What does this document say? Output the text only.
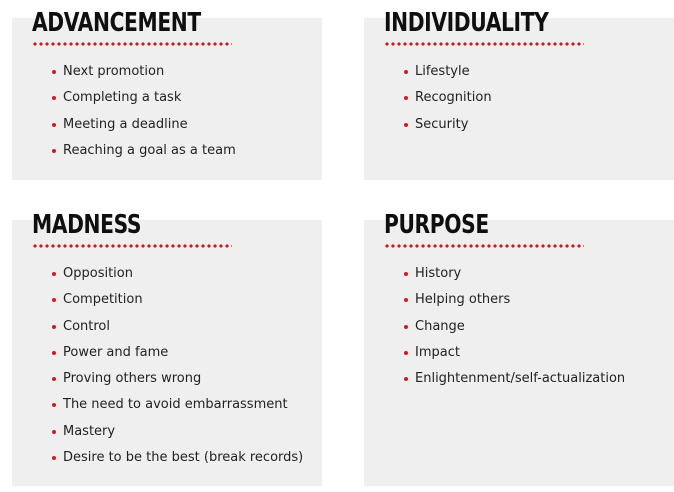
ADVANCEMENT
Next promotion
Completing a task
Meeting a deadline
Reaching a goal as a team
INDIVIDUALITY
Lifestyle
Recognition
Security
MADNESS
Opposition
Competition
Control
Power and fame
Proving others wrong
The need to avoid embarrassment
Mastery
Desire to be the best (break records)
PURPOSE
History
Helping others
Change
Impact
Enlightenment/self-actualization
